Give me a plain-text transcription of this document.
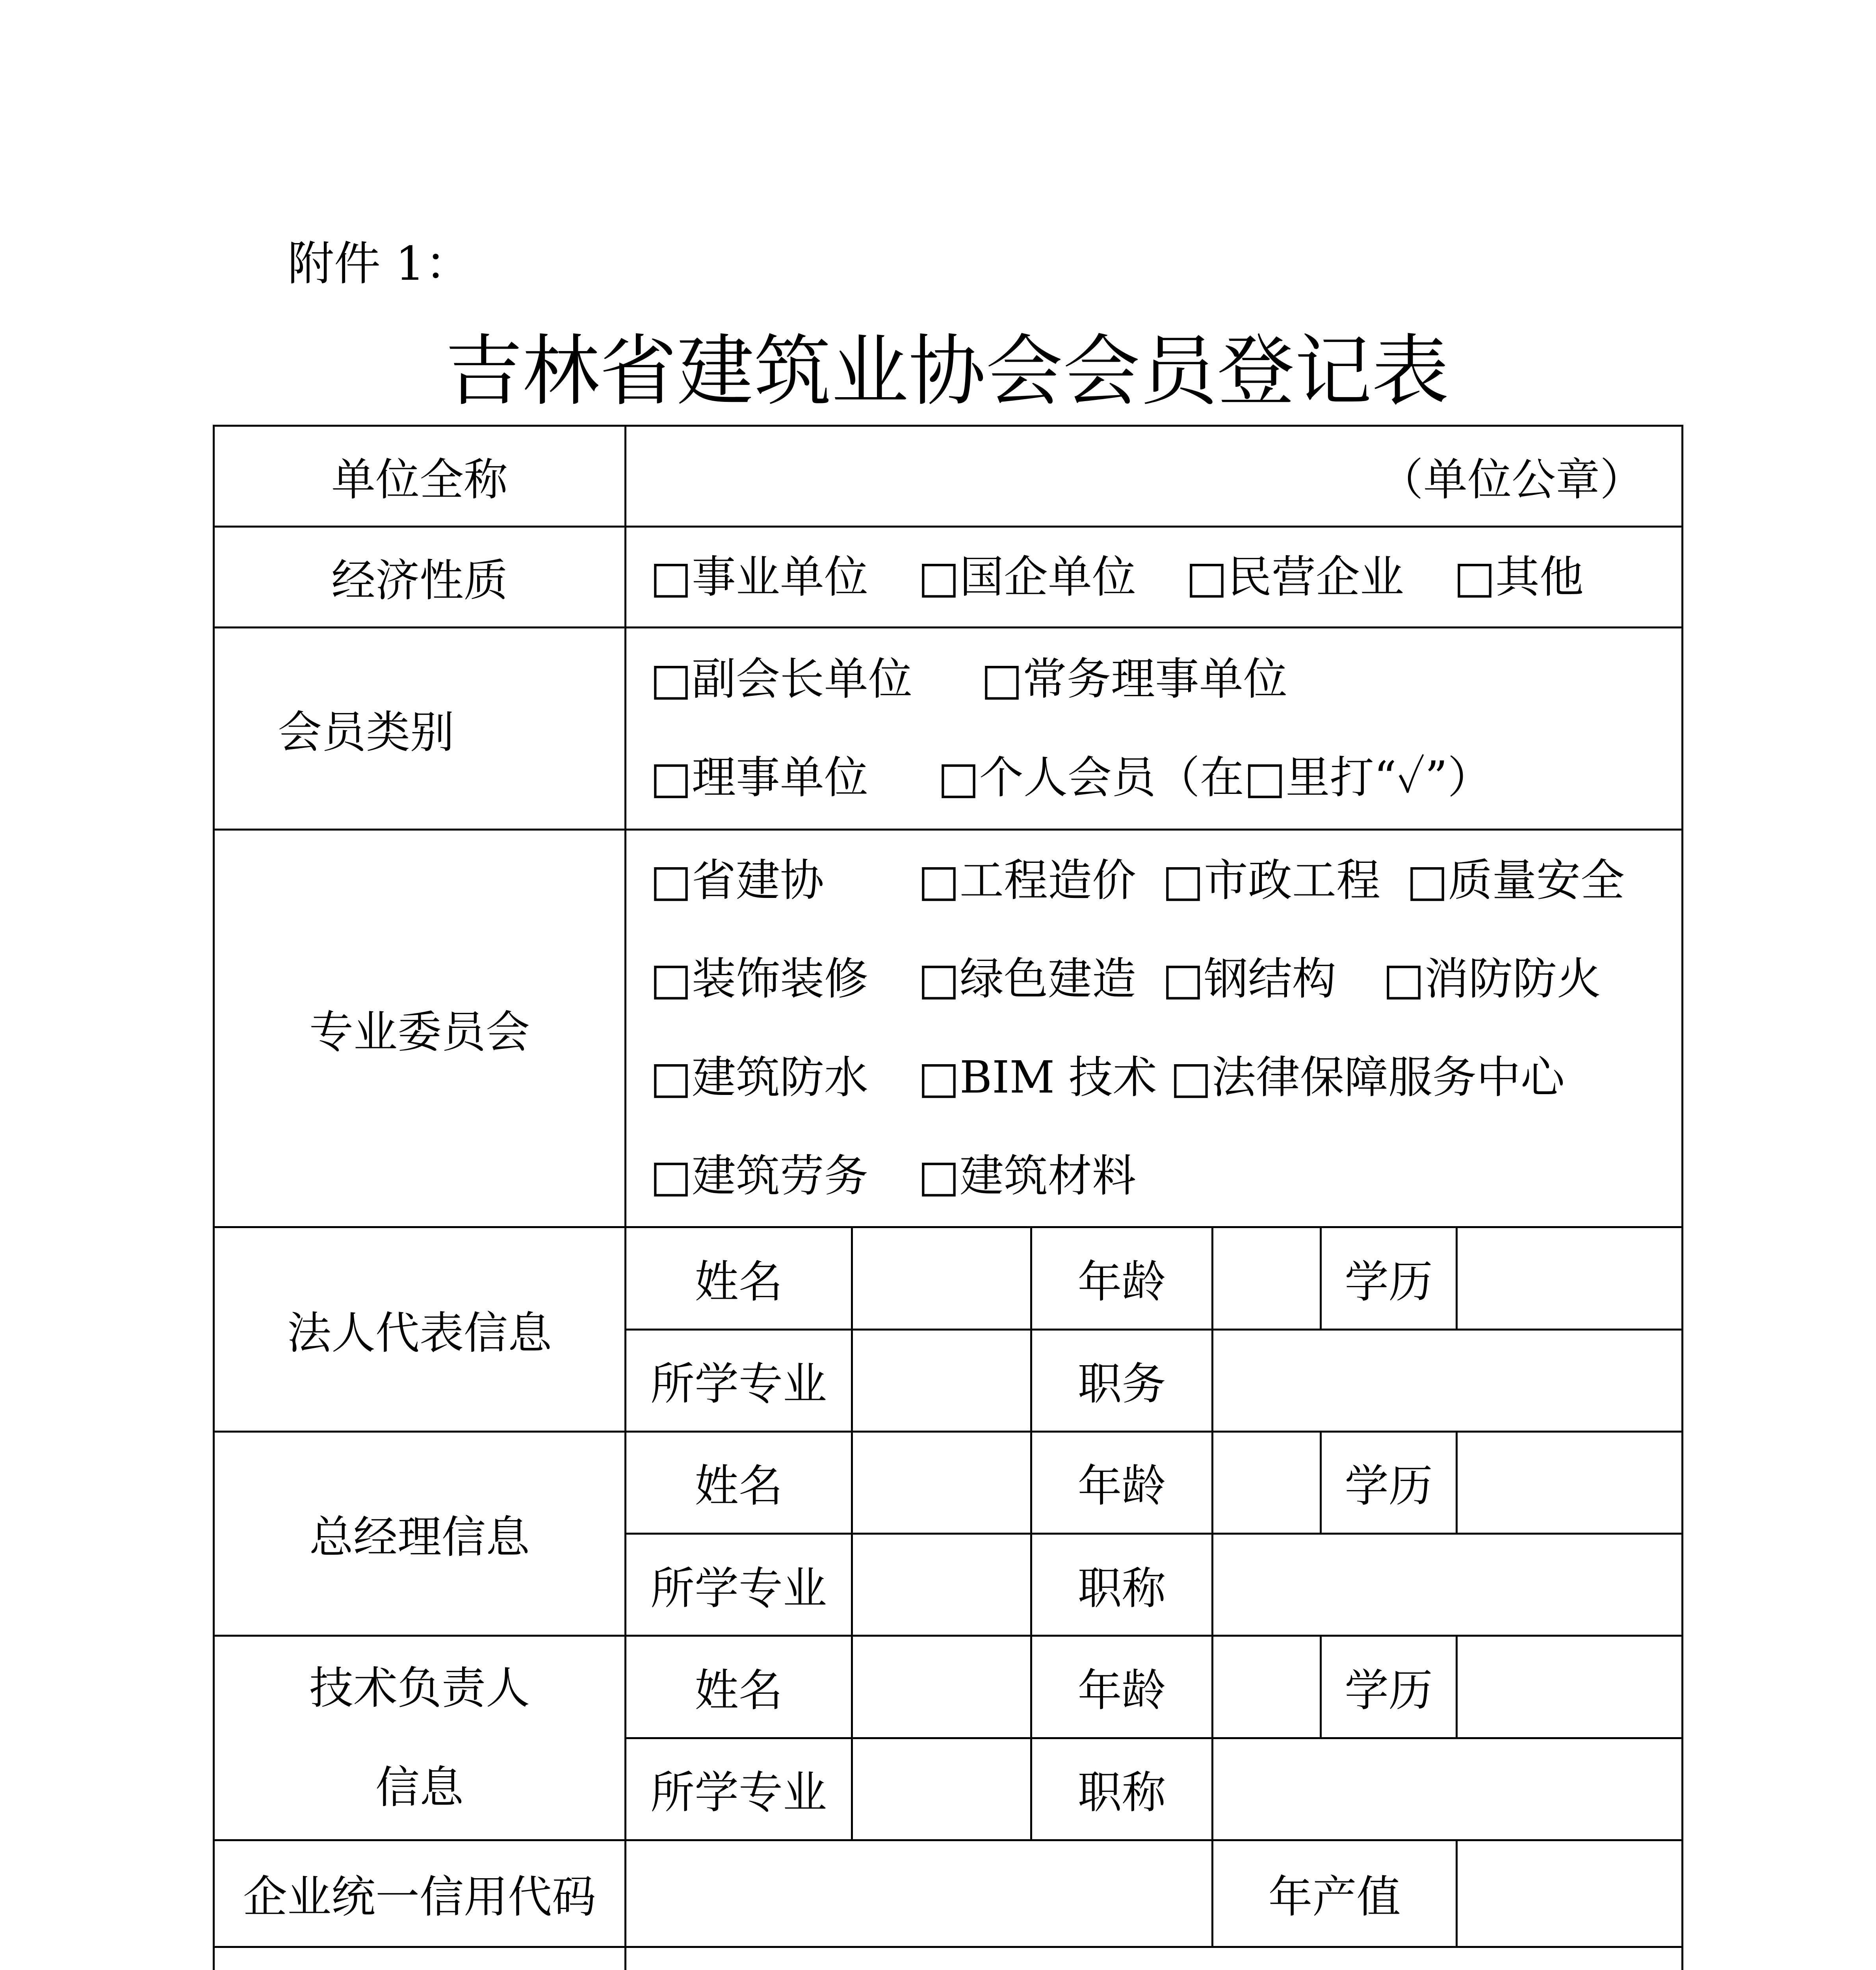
附件 1：
吉林省建筑业协会会员登记表
单位全称	（单位公章）					
经济性质	□事业单位 □国企单位 □民营企业 □其他					

会员类别	□副会长单位 □常务理事单位
□理事单位 □个人会员（在□里打“✓”）					

专业委员会	□省建协 □工程造价 □市政工程 □质量安全
□装饰装修 □绿色建造 □钢结构 □消防防火
□建筑防水 □BIM 技术 □法律保障服务中心
□建筑劳务 □建筑材料					

法人代表信息	姓名		年龄		学历	
	所学专业		职务			
总经理信息	姓名		年龄		学历	
	所学专业		职称			

技术负责人
信息	姓名		年龄		学历	
	所学专业		职称			
企业统一信用代码				年产值		
